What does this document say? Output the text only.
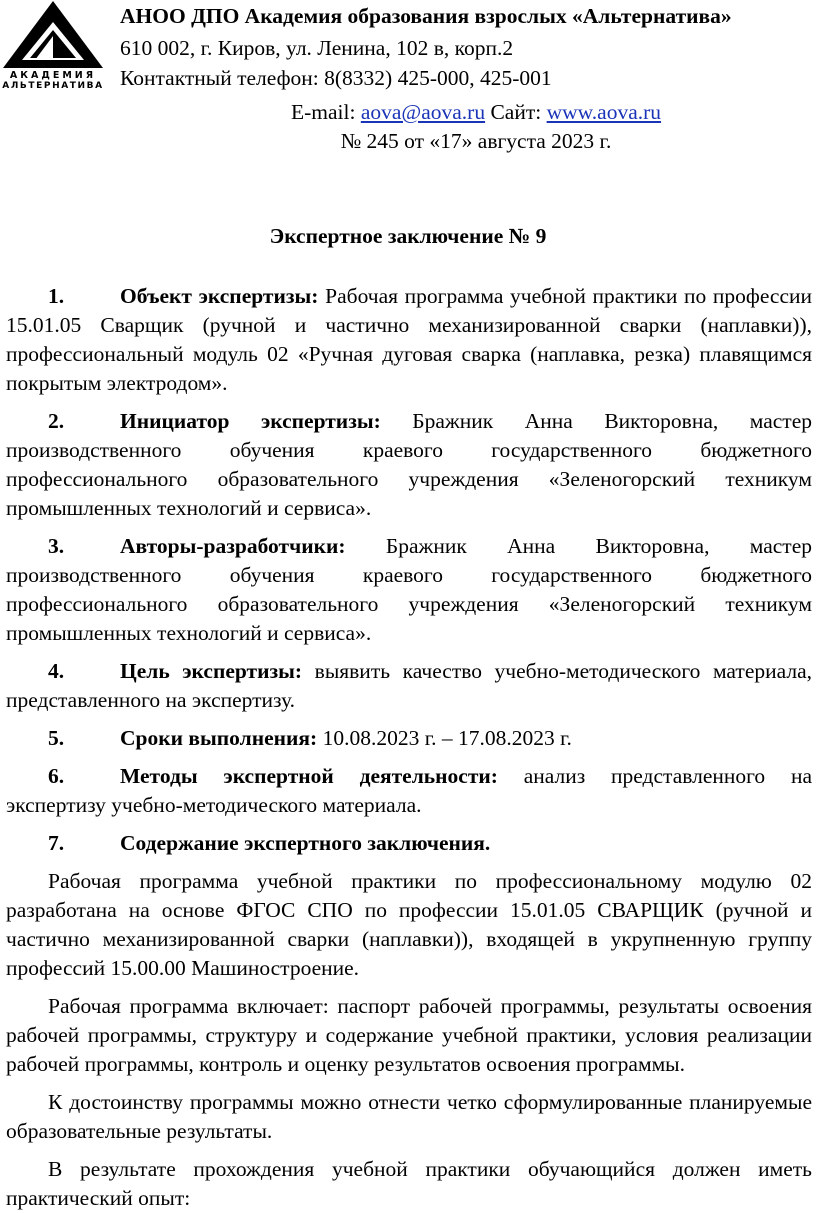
АКАДЕМИЯ
АЛЬТЕРНАТИВА
АНОО ДПО Академия образования взрослых «Альтернатива»
610 002, г. Киров, ул. Ленина, 102 в, корп.2
Контактный телефон: 8(8332) 425-000, 425-001
E-mail: aova@aova.ru Сайт: www.aova.ru
№ 245 от «17» августа 2023 г.
Экспертное заключение № 9

1.	Объект экспертизы: Рабочая программа учебной практики по профессии 15.01.05 Сварщик (ручной и частично механизированной сварки (наплавки)), профессиональный модуль 02 «Ручная дуговая сварка (наплавка, резка) плавящимся покрытым электродом».

2.	Инициатор экспертизы: Бражник Анна Викторовна, мастер производственного обучения краевого государственного бюджетного профессионального образовательного учреждения «Зеленогорский техникум промышленных технологий и сервиса».

3.	Авторы-разработчики: Бражник Анна Викторовна, мастер производственного обучения краевого государственного бюджетного профессионального образовательного учреждения «Зеленогорский техникум промышленных технологий и сервиса».

4.	Цель экспертизы: выявить качество учебно-методического материала, представленного на экспертизу.

5.	Сроки выполнения: 10.08.2023 г. – 17.08.2023 г.

6.	Методы экспертной деятельности: анализ представленного на экспертизу учебно-методического материала.

7.	Содержание экспертного заключения.

Рабочая программа учебной практики по профессиональному модулю 02 разработана на основе ФГОС СПО по профессии 15.01.05 СВАРЩИК (ручной и частично механизированной сварки (наплавки)), входящей в укрупненную группу профессий 15.00.00 Машиностроение.

Рабочая программа включает: паспорт рабочей программы, результаты освоения рабочей программы, структуру и содержание учебной практики, условия реализации рабочей программы, контроль и оценку результатов освоения программы.

К достоинству программы можно отнести четко сформулированные планируемые образовательные результаты.

В результате прохождения учебной практики обучающийся должен иметь практический опыт:
